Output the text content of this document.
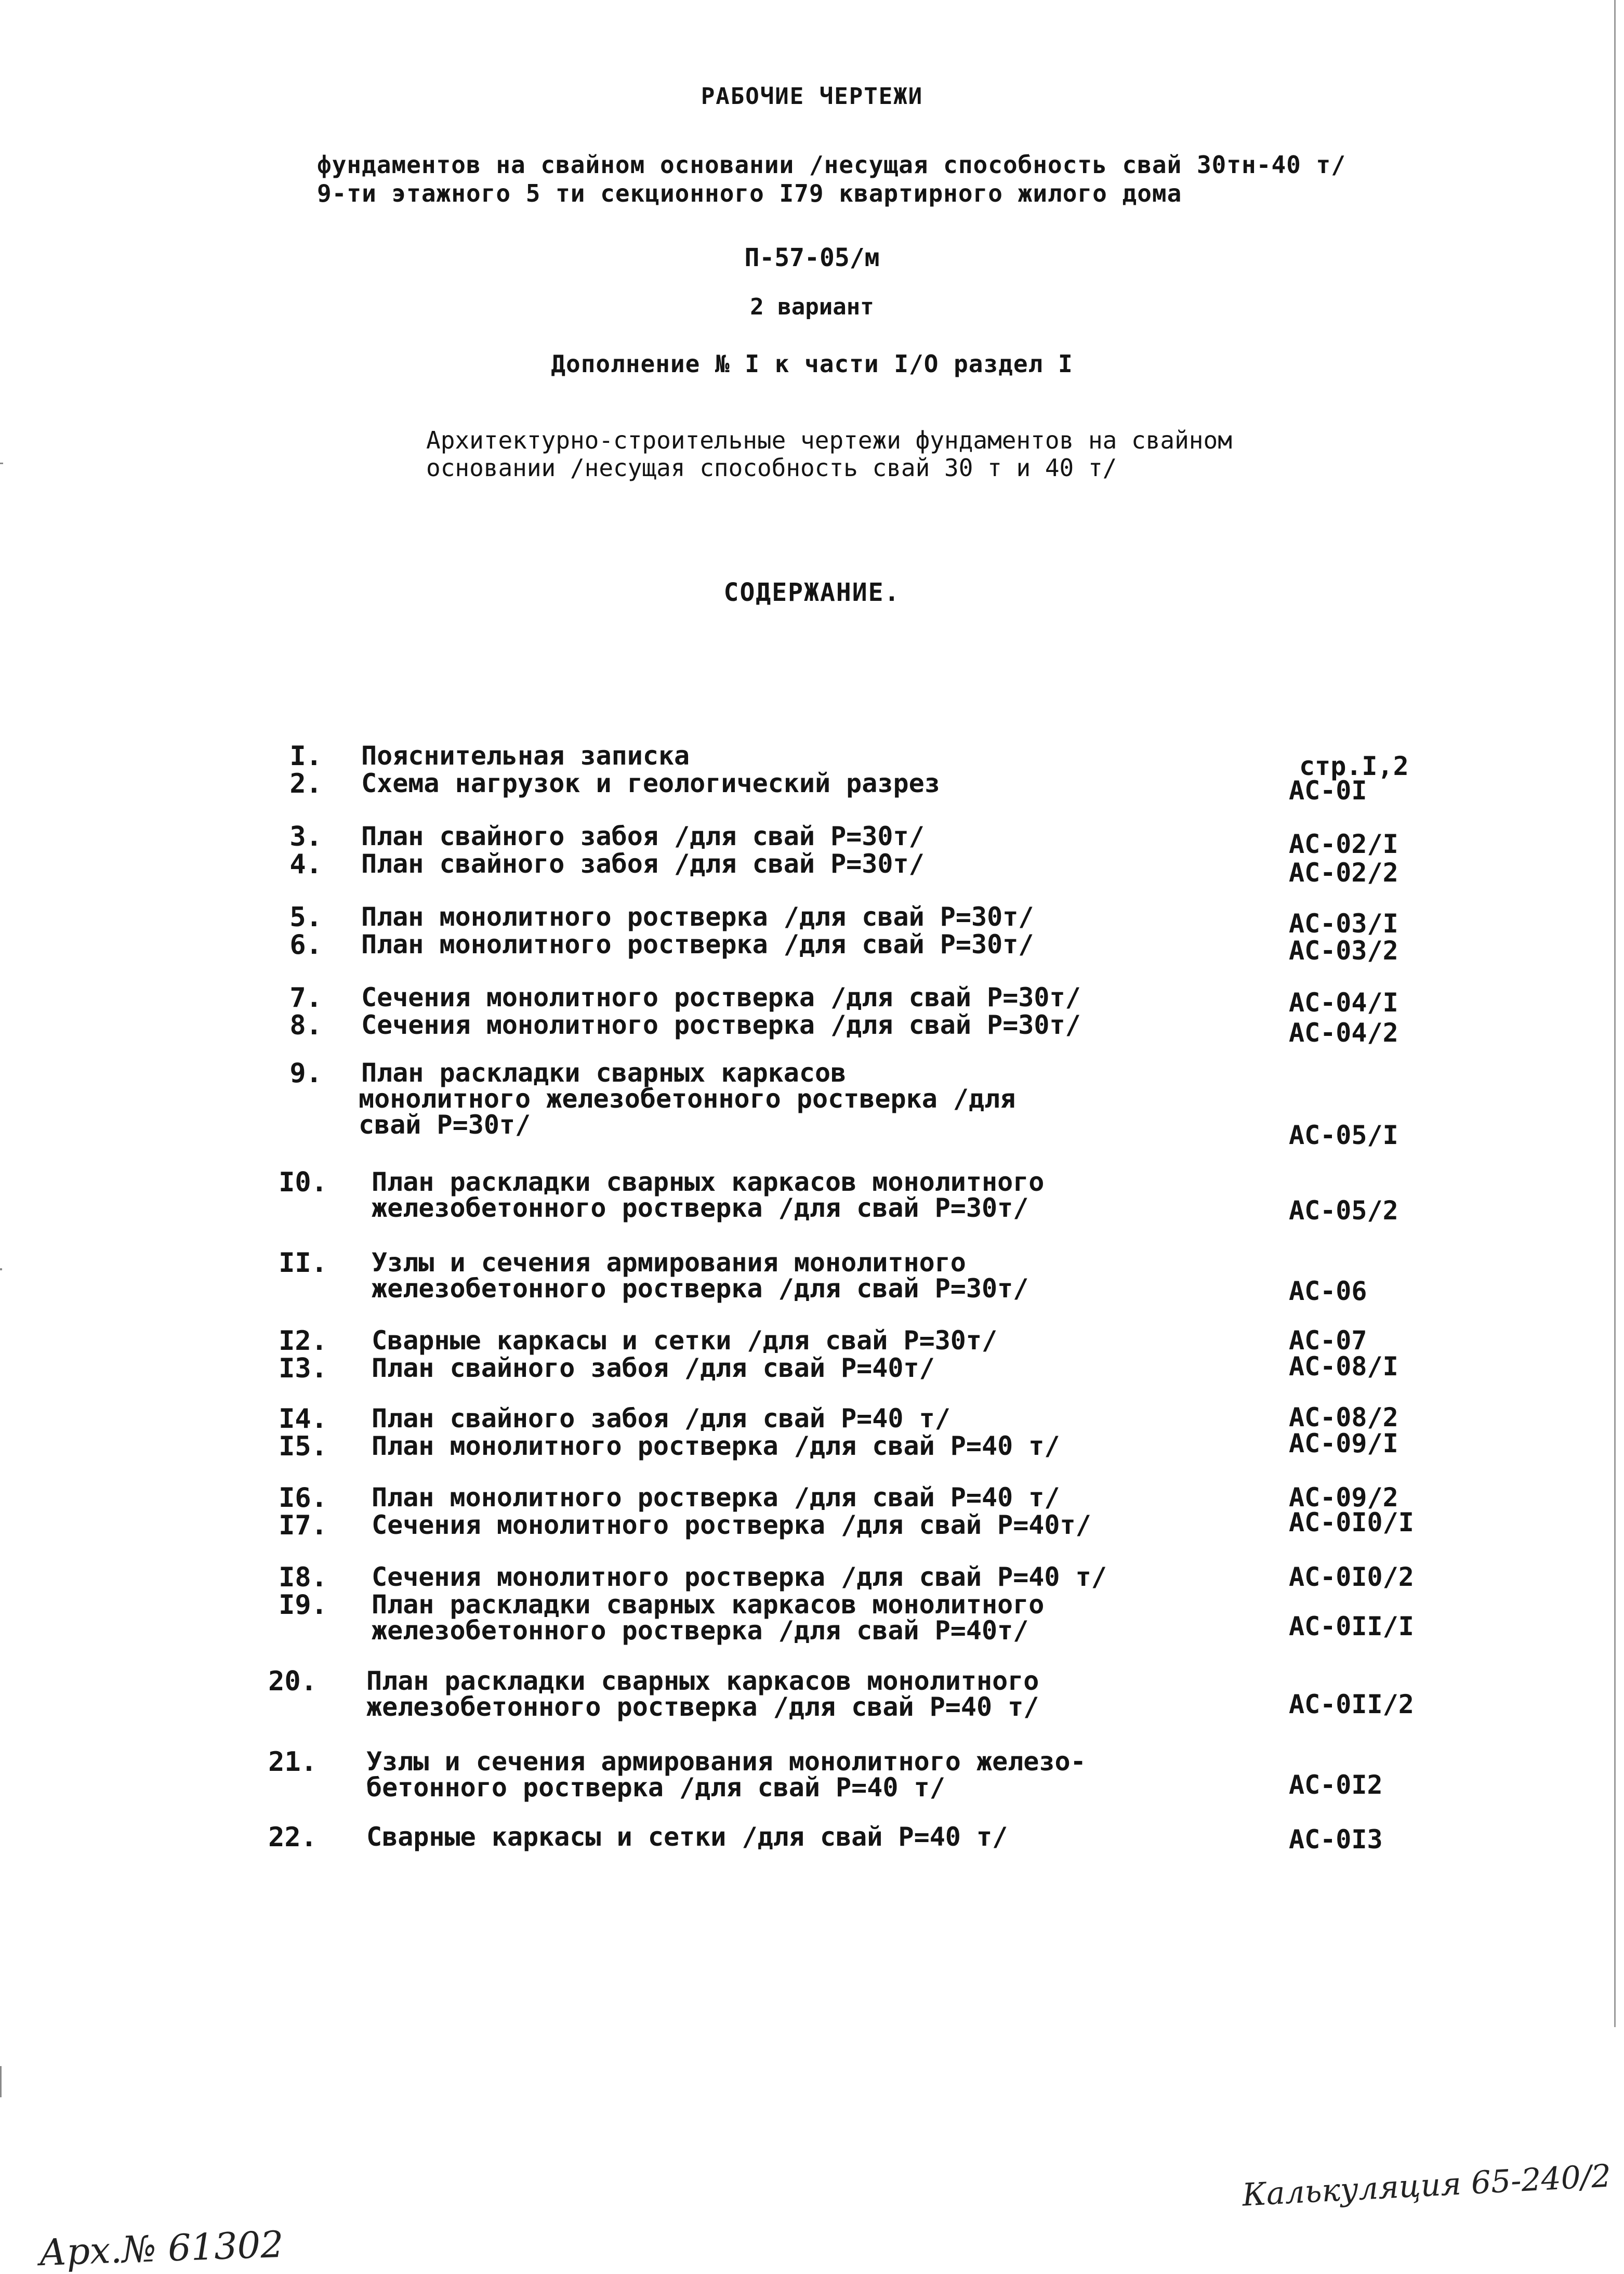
РАБОЧИЕ ЧЕРТЕЖИ
фундаментов на свайном основании /несущая способность свай 30тн-40 т/
9-ти этажного 5 ти секционного I79 квартирного жилого дома
П-57-05/м
2 вариант
Дополнение № I к части I/О раздел I
Архитектурно-строительные чертежи фундаментов на свайном
основании /несущая способность свай 30 т и 40 т/
СОДЕРЖАНИЕ.
I. Пояснительная записка	стр.I,2
2. Схема нагрузок и геологический разрез	АС-0I
3. План свайного забоя /для свай Р=30т/	АС-02/I
4. План свайного забоя /для свай Р=30т/	АС-02/2
5. План монолитного ростверка /для свай Р=30т/	АС-03/I
6. План монолитного ростверка /для свай Р=30т/	АС-03/2
7. Сечения монолитного ростверка /для свай Р=30т/	АС-04/I
8. Сечения монолитного ростверка /для свай Р=30т/	АС-04/2
9. План раскладки сварных каркасов
монолитного железобетонного ростверка /для
свай Р=30т/	АС-05/I
I0. План раскладки сварных каркасов монолитного
железобетонного ростверка /для свай Р=30т/	АС-05/2
II. Узлы и сечения армирования монолитного
железобетонного ростверка /для свай Р=30т/	АС-06
I2. Сварные каркасы и сетки /для свай Р=30т/	АС-07
I3. План свайного забоя /для свай Р=40т/	АС-08/I
I4. План свайного забоя /для свай Р=40 т/	АС-08/2
I5. План монолитного ростверка /для свай Р=40 т/	АС-09/I
I6. План монолитного ростверка /для свай Р=40 т/	АС-09/2
I7. Сечения монолитного ростверка /для свай Р=40т/	АС-0I0/I
I8. Сечения монолитного ростверка /для свай Р=40 т/	АС-0I0/2
I9. План раскладки сварных каркасов монолитного
железобетонного ростверка /для свай Р=40т/	АС-0II/I
20. План раскладки сварных каркасов монолитного
железобетонного ростверка /для свай Р=40 т/	АС-0II/2
21. Узлы и сечения армирования монолитного железо-
бетонного ростверка /для свай Р=40 т/	АС-0I2
22. Сварные каркасы и сетки /для свай Р=40 т/	АС-0I3
Арх.№ 61302
Калькуляция 65-240/2
